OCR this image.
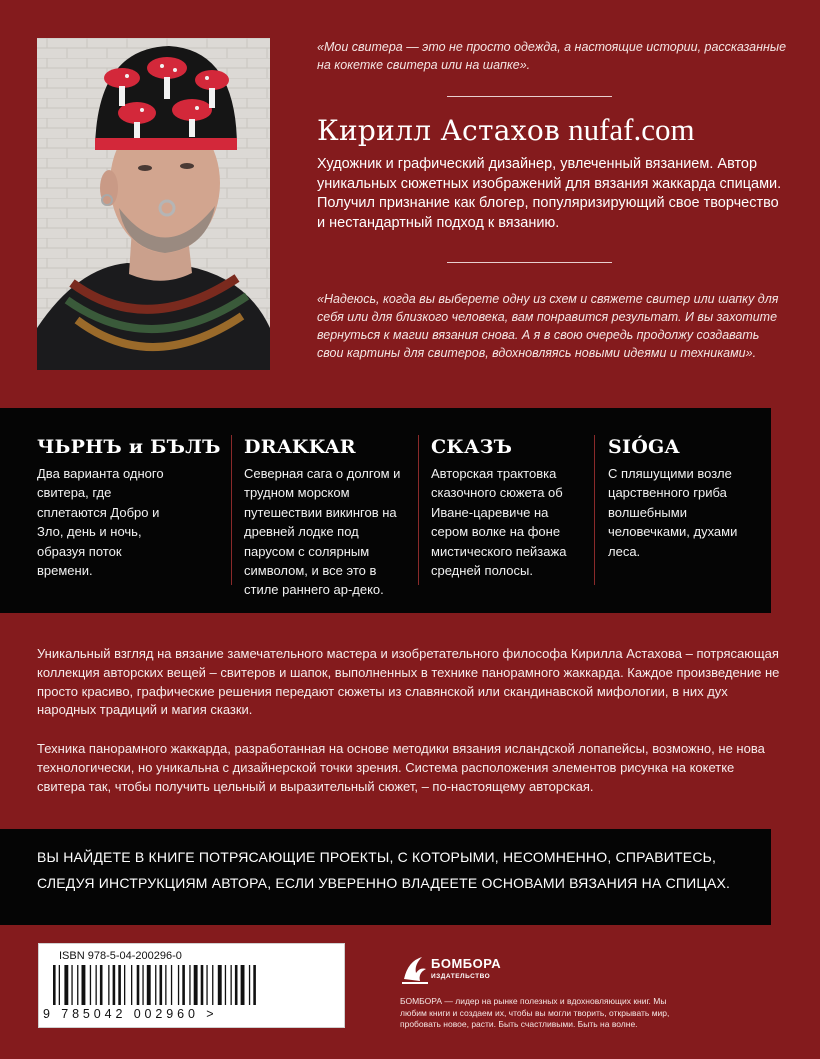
«Мои свитера — это не просто одежда, а настоящие истории, рассказанные на кокетке свитера или на шапке».
Кирилл Астахов nufaf.com
Художник и графический дизайнер, увлеченный вязанием. Автор уникальных сюжетных изображений для вязания жаккарда спицами. Получил признание как блогер, популяризирующий свое творчество и нестандартный подход к вязанию.
«Надеюсь, когда вы выберете одну из схем и свяжете свитер или шапку для себя или для близкого человека, вам понравится результат. И вы захотите вернуться к магии вязания снова. А я в свою очередь продолжу создавать свои картины для свитеров, вдохновляясь новыми идеями и техниками».
ЧЬРНЪ и БЪЛЪ
Два варианта одного свитера, где сплетаются Добро и Зло, день и ночь, образуя поток времени.
DRAKKAR
Северная сага о долгом и трудном морском путешествии викингов на древней лодке под парусом с солярным символом, и все это в стиле раннего ар-деко.
СКАЗЪ
Авторская трактовка сказочного сюжета об Иване-царевиче на сером волке на фоне мистического пейзажа средней полосы.
SIÓGA
С пляшущими возле царственного гриба волшебными человечками, духами леса.
Уникальный взгляд на вязание замечательного мастера и изобретательного философа Кирилла Астахова – потрясающая коллекция авторских вещей – свитеров и шапок, выполненных в технике панорамного жаккарда. Каждое произведение не просто красиво, графические решения передают сюжеты из славянской или скандинавской мифологии, в них дух народных традиций и магия сказки.
Техника панорамного жаккарда, разработанная на основе методики вязания исландской лопапейсы, возможно, не нова технологически, но уникальна с дизайнерской точки зрения. Система расположения элементов рисунка на кокетке свитера так, чтобы получить цельный и выразительный сюжет, – по-настоящему авторская.
ВЫ НАЙДЕТЕ В КНИГЕ ПОТРЯСАЮЩИЕ ПРОЕКТЫ, С КОТОРЫМИ, НЕСОМНЕННО, СПРАВИТЕСЬ, СЛЕДУЯ ИНСТРУКЦИЯМ АВТОРА, ЕСЛИ УВЕРЕННО ВЛАДЕЕТЕ ОСНОВАМИ ВЯЗАНИЯ НА СПИЦАХ.
ISBN 978-5-04-200296-0
9 785042 002960 >
БОМБОРА
ИЗДАТЕЛЬСТВО
БОМБОРА — лидер на рынке полезных и вдохновляющих книг. Мы любим книги и создаем их, чтобы вы могли творить, открывать мир, пробовать новое, расти. Быть счастливыми. Быть на волне.
